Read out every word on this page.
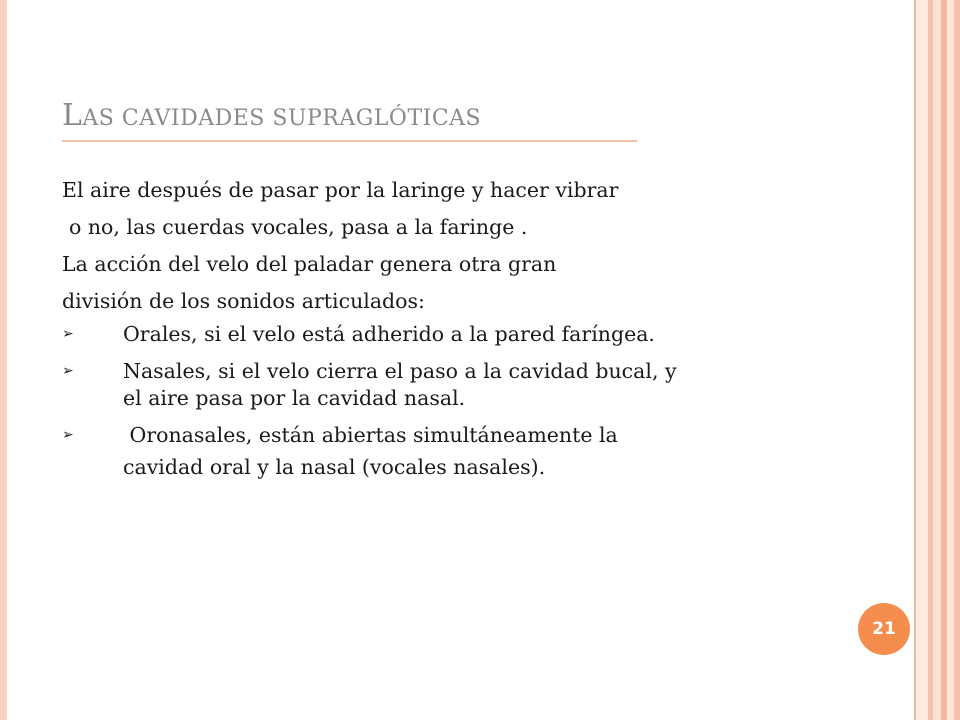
LAS CAVIDADES SUPRAGLÓTICAS

El aire después de pasar por la laringe y hacer vibrar

o no, las cuerdas vocales, pasa a la faringe .

La acción del velo del paladar genera otra gran

división de los sonidos articulados:

➢ Orales, si el velo está adherido a la pared faríngea.
➢ Nasales, si el velo cierra el paso a la cavidad bucal, y
el aire pasa por la cavidad nasal.
➢ Oronasales, están abiertas simultáneamente la
cavidad oral y la nasal (vocales nasales).
21
